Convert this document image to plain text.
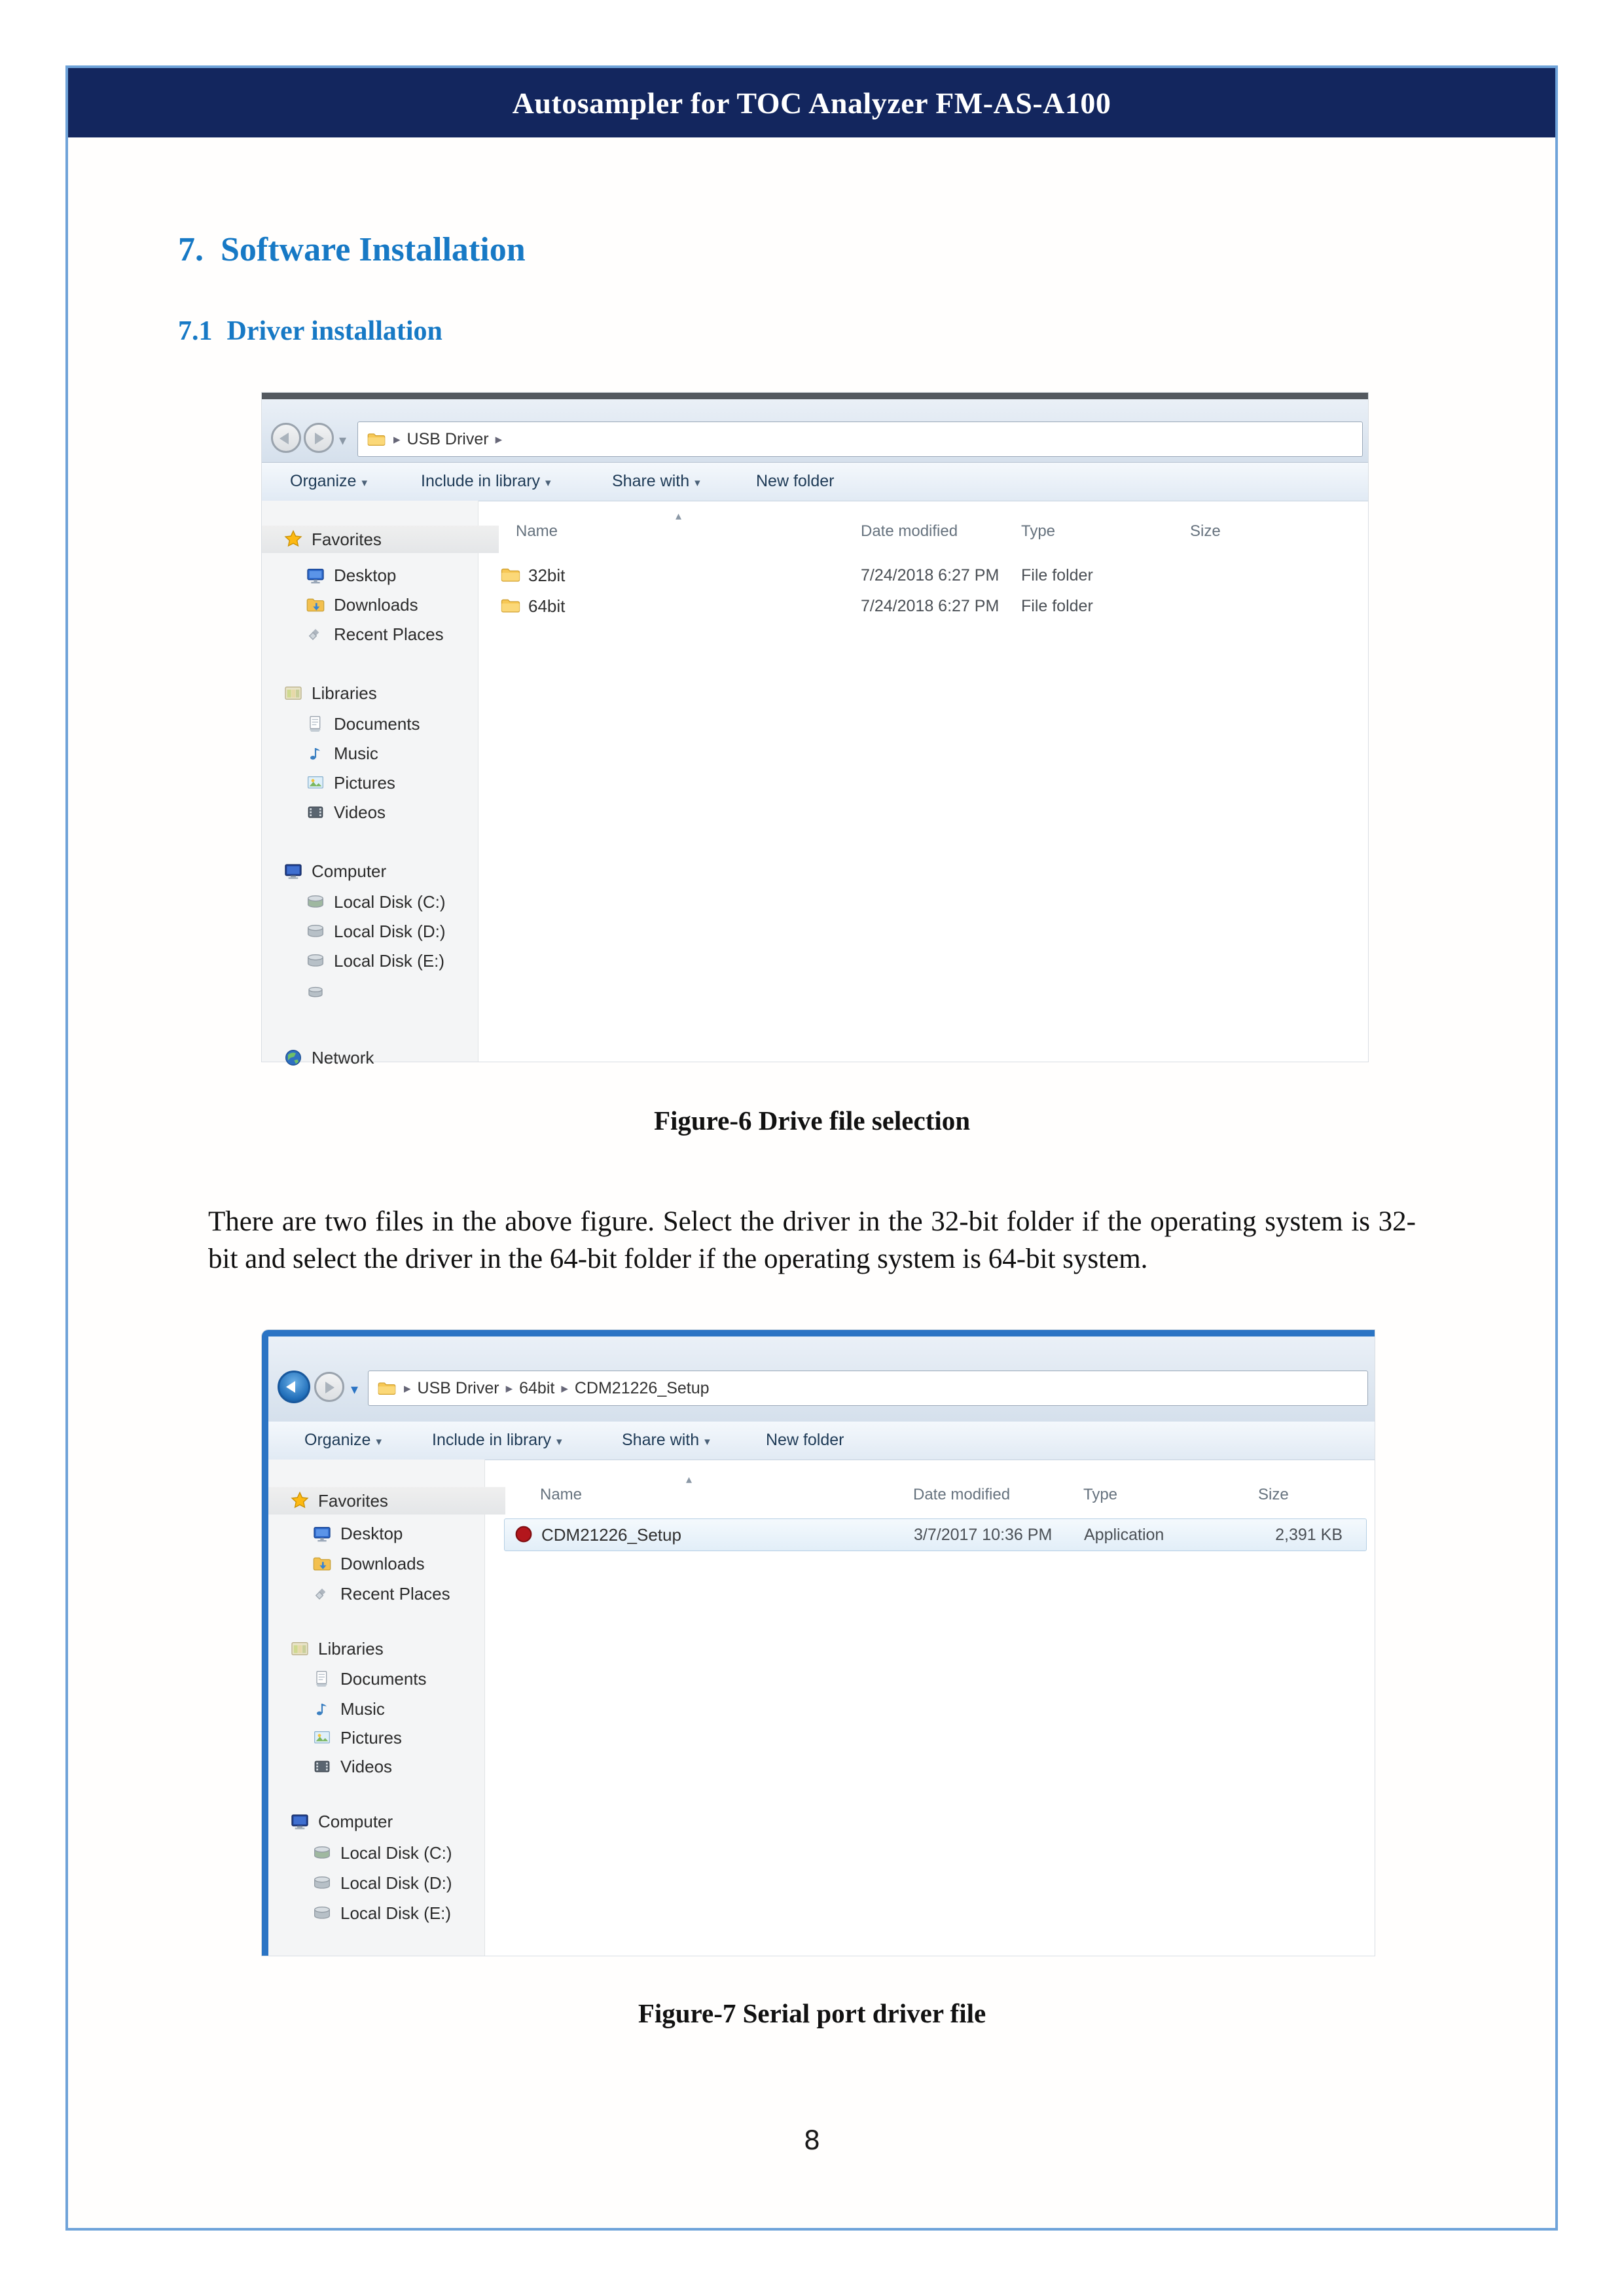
Autosampler for TOC Analyzer FM-AS-A100
7. Software Installation
7.1 Driver installation
▾	▸ USB Driver ▸
Organize ▾	Include in library ▾	Share with ▾	New folder
Favorites
Desktop
Downloads
Recent Places
Libraries
Documents
Music
Pictures
Videos
Computer
Local Disk (C:)
Local Disk (D:)
Local Disk (E:)
Network
▴
Name	Date modified	Type	Size
32bit	7/24/2018 6:27 PM File folder
64bit	7/24/2018 6:27 PM File folder
Figure-6 Drive file selection

There are two files in the above figure. Select the driver in the 32-bit folder if the operating system is 32-bit and select the driver in the 64-bit folder if the operating system is 64-bit system.

▾	▸ USB Driver ▸ 64bit ▸ CDM21226_Setup
Organize ▾	Include in library ▾	Share with ▾	New folder
Favorites
Desktop
Downloads
Recent Places
Libraries
Documents
Music
Pictures
Videos
Computer
Local Disk (C:)
Local Disk (D:)
Local Disk (E:)
▴
Name	Date modified	Type	Size
CDM21226_Setup	3/7/2017 10:36 PM Application	2,391 KB
Figure-7 Serial port driver file
8
